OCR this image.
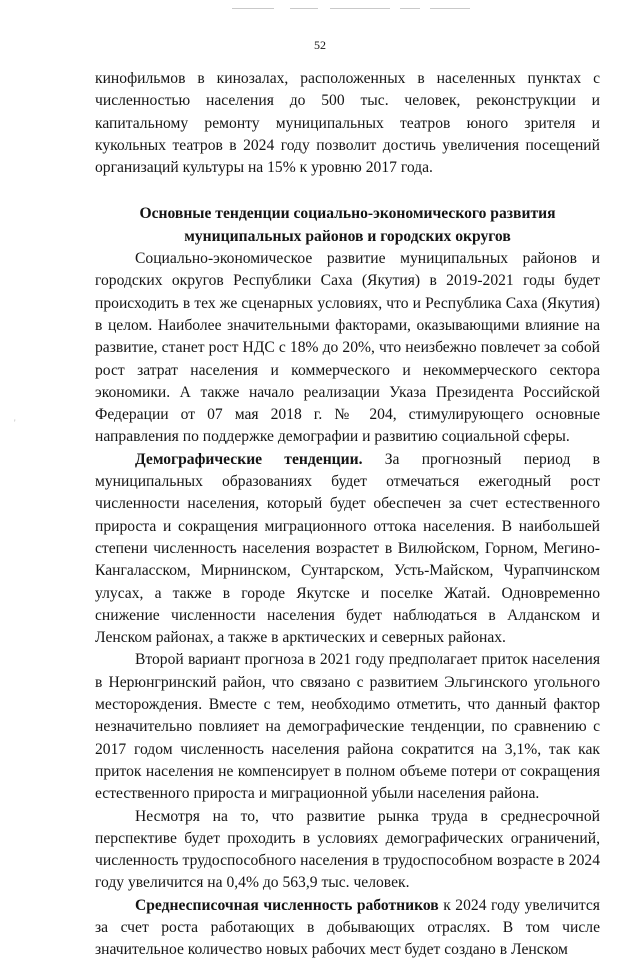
52
'

кинофильмов в кинозалах, расположенных в населенных пунктах с численностью населения до 500 тыс. человек, реконструкции и капитальному ремонту муниципальных театров юного зрителя и кукольных театров в 2024 году позволит достичь увеличения посещений организаций культуры на 15% к уровню 2017 года.

Основные тенденции социально-экономического развития
муниципальных районов и городских округов

Социально-экономическое развитие муниципальных районов и городских округов Республики Саха (Якутия) в 2019-2021 годы будет происходить в тех же сценарных условиях, что и Республика Саха (Якутия) в целом. Наиболее значительными факторами, оказывающими влияние на развитие, станет рост НДС с 18% до 20%, что неизбежно повлечет за собой рост затрат населения и коммерческого и некоммерческого сектора экономики. А также начало реализации Указа Президента Российской Федерации от 07 мая 2018 г. № 204, стимулирующего основные направления по поддержке демографии и развитию социальной сферы.

Демографические тенденции. За прогнозный период в муниципальных образованиях будет отмечаться ежегодный рост численности населения, который будет обеспечен за счет естественного прироста и сокращения миграционного оттока населения. В наибольшей степени численность населения возрастет в Вилюйском, Горном, Мегино-Кангаласском, Мирнинском, Сунтарском, Усть-Майском, Чурапчинском улусах, а также в городе Якутске и поселке Жатай. Одновременно снижение численности населения будет наблюдаться в Алданском и Ленском районах, а также в арктических и северных районах.

Второй вариант прогноза в 2021 году предполагает приток населения в Нерюнгринский район, что связано с развитием Эльгинского угольного месторождения. Вместе с тем, необходимо отметить, что данный фактор незначительно повлияет на демографические тенденции, по сравнению с 2017 годом численность населения района сократится на 3,1%, так как приток населения не компенсирует в полном объеме потери от сокращения естественного прироста и миграционной убыли населения района.

Несмотря на то, что развитие рынка труда в среднесрочной перспективе будет проходить в условиях демографических ограничений, численность трудоспособного населения в трудоспособном возрасте в 2024 году увеличится на 0,4% до 563,9 тыс. человек.

Среднесписочная численность работников к 2024 году увеличится за счет роста работающих в добывающих отраслях. В том числе значительное количество новых рабочих мест будет создано в Ленском
